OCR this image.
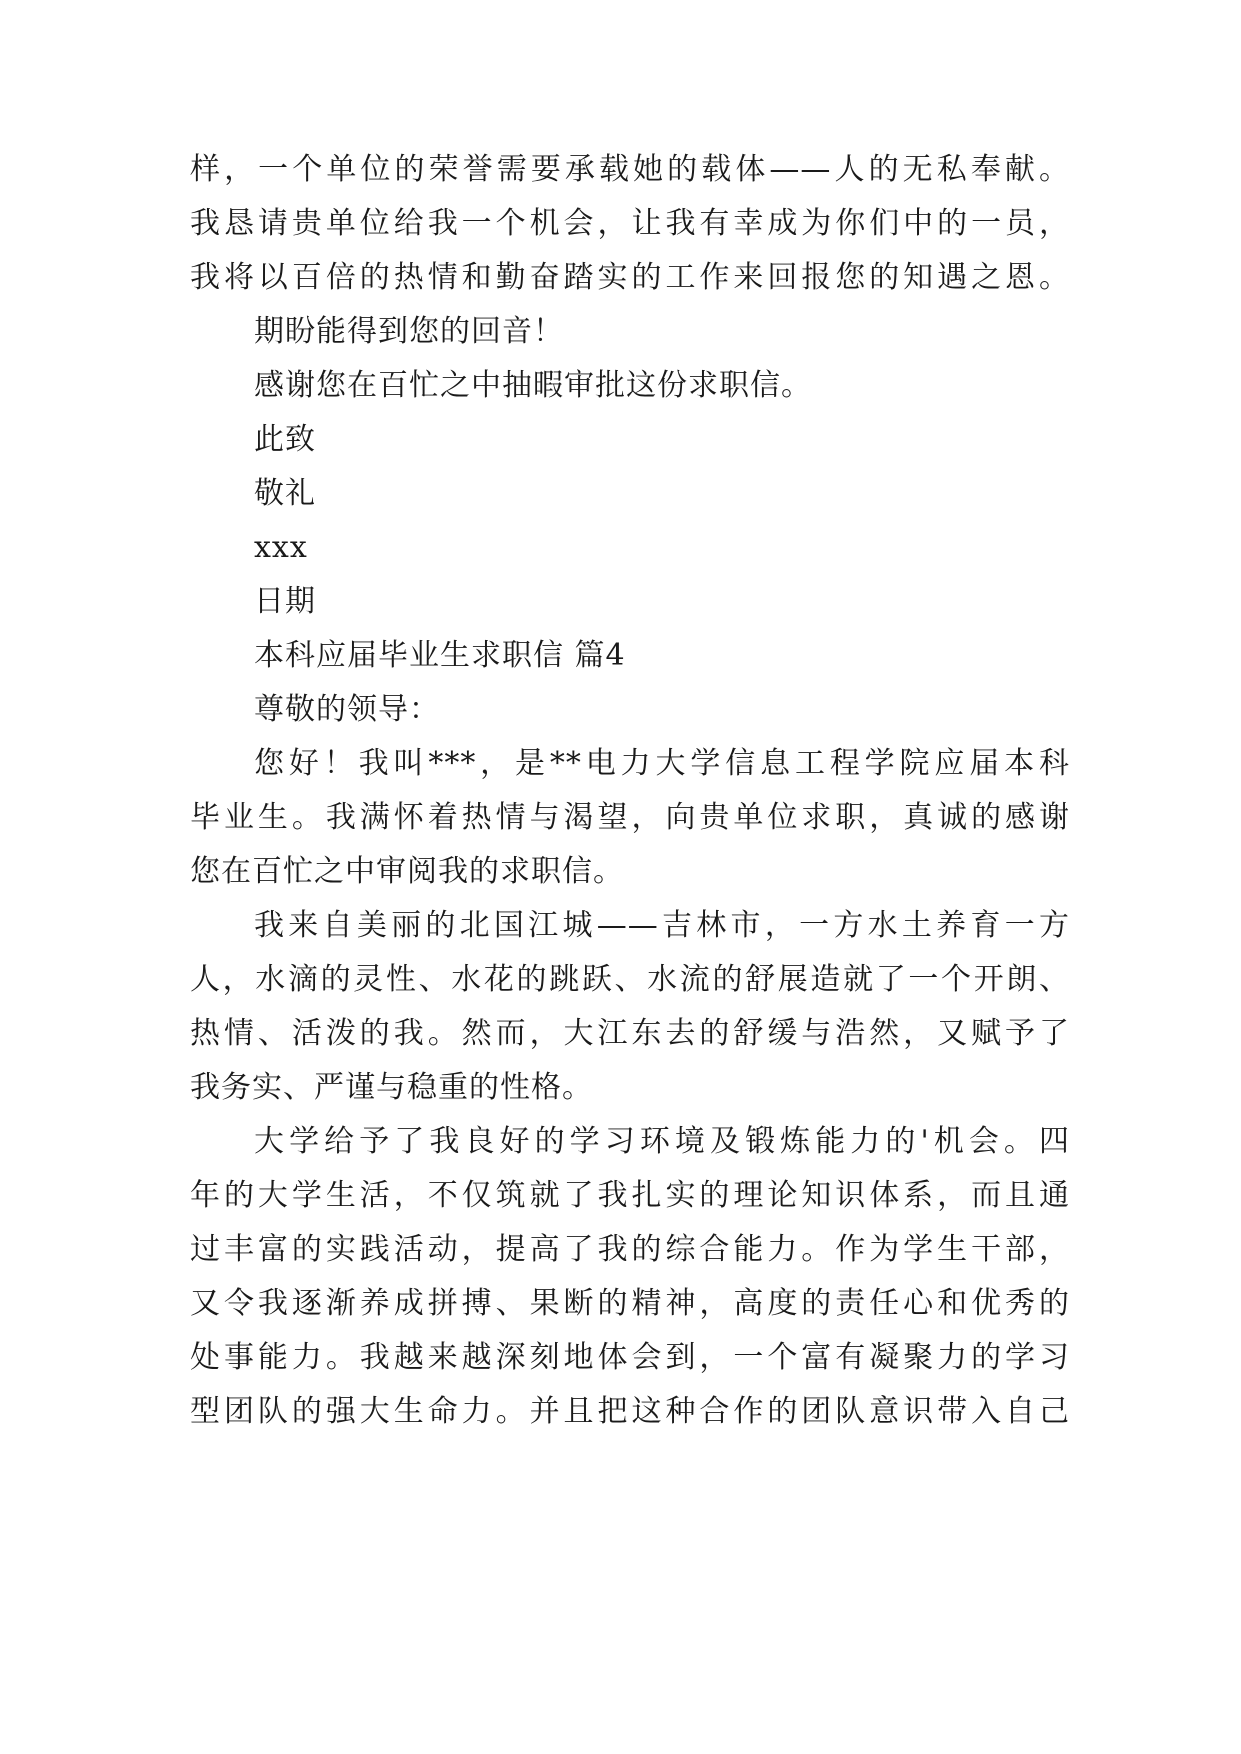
样，一个单位的荣誉需要承载她的载体——人的无私奉献。
我恳请贵单位给我一个机会，让我有幸成为你们中的一员，
我将以百倍的热情和勤奋踏实的工作来回报您的知遇之恩。
期盼能得到您的回音！
感谢您在百忙之中抽暇审批这份求职信。
此致
敬礼
xxx
日期
本科应届毕业生求职信 篇4
尊敬的领导：
您好！我叫***，是**电力大学信息工程学院应届本科
毕业生。我满怀着热情与渴望，向贵单位求职，真诚的感谢
您在百忙之中审阅我的求职信。
我来自美丽的北国江城——吉林市，一方水土养育一方
人，水滴的灵性、水花的跳跃、水流的舒展造就了一个开朗、
热情、活泼的我。然而，大江东去的舒缓与浩然，又赋予了
我务实、严谨与稳重的性格。
大学给予了我良好的学习环境及锻炼能力的'机会。四
年的大学生活，不仅筑就了我扎实的理论知识体系，而且通
过丰富的实践活动，提高了我的综合能力。作为学生干部，
又令我逐渐养成拼搏、果断的精神，高度的责任心和优秀的
处事能力。我越来越深刻地体会到，一个富有凝聚力的学习
型团队的强大生命力。并且把这种合作的团队意识带入自己
